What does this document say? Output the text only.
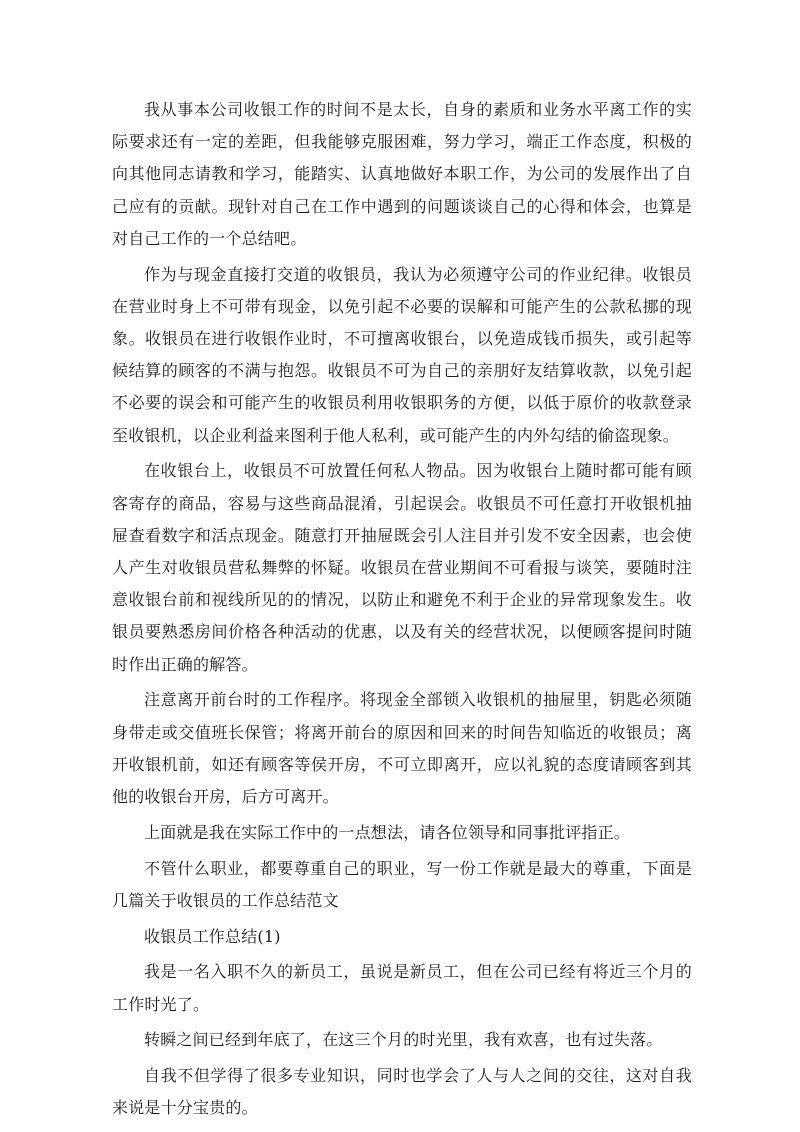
我从事本公司收银工作的时间不是太长，自身的素质和业务水平离工作的实际要求还有一定的差距，但我能够克服困难，努力学习，端正工作态度，积极的向其他同志请教和学习，能踏实、认真地做好本职工作，为公司的发展作出了自己应有的贡献。现针对自己在工作中遇到的问题谈谈自己的心得和体会，也算是对自己工作的一个总结吧。

作为与现金直接打交道的收银员，我认为必须遵守公司的作业纪律。收银员在营业时身上不可带有现金，以免引起不必要的误解和可能产生的公款私挪的现象。收银员在进行收银作业时，不可擅离收银台，以免造成钱币损失，或引起等候结算的顾客的不满与抱怨。收银员不可为自己的亲朋好友结算收款，以免引起不必要的误会和可能产生的收银员利用收银职务的方便，以低于原价的收款登录至收银机，以企业利益来图利于他人私利，或可能产生的内外勾结的偷盗现象。

在收银台上，收银员不可放置任何私人物品。因为收银台上随时都可能有顾客寄存的商品，容易与这些商品混淆，引起误会。收银员不可任意打开收银机抽屉查看数字和活点现金。随意打开抽屉既会引人注目并引发不安全因素，也会使人产生对收银员营私舞弊的怀疑。收银员在营业期间不可看报与谈笑，要随时注意收银台前和视线所见的的情况，以防止和避免不利于企业的异常现象发生。收银员要熟悉房间价格各种活动的优惠，以及有关的经营状况，以便顾客提问时随时作出正确的解答。

注意离开前台时的工作程序。将现金全部锁入收银机的抽屉里，钥匙必须随身带走或交值班长保管；将离开前台的原因和回来的时间告知临近的收银员；离开收银机前，如还有顾客等侯开房，不可立即离开，应以礼貌的态度请顾客到其他的收银台开房，后方可离开。

上面就是我在实际工作中的一点想法，请各位领导和同事批评指正。

不管什么职业，都要尊重自己的职业，写一份工作就是最大的尊重，下面是几篇关于收银员的工作总结范文

收银员工作总结(1)

我是一名入职不久的新员工，虽说是新员工，但在公司已经有将近三个月的工作时光了。

转瞬之间已经到年底了，在这三个月的时光里，我有欢喜，也有过失落。

自我不但学得了很多专业知识，同时也学会了人与人之间的交往，这对自我来说是十分宝贵的。
